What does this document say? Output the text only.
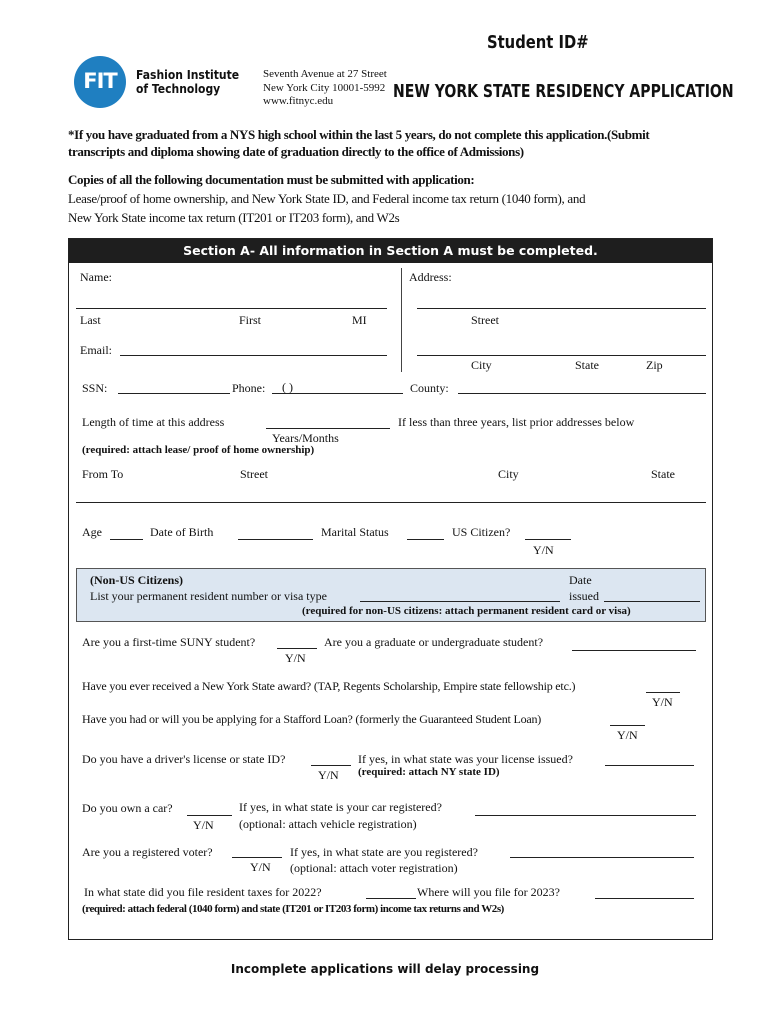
Student ID#
FIT	Fashion Institute
of Technology
Seventh Avenue at 27 Street
New York City 10001-5992
www.fitnyc.edu	NEW YORK STATE RESIDENCY APPLICATION
*If you have graduated from a NYS high school within the last 5 years, do not complete this application.(Submit
transcripts and diploma showing date of graduation directly to the office of Admissions)
Copies of all the following documentation must be submitted with application:
Lease/proof of home ownership, and New York State ID, and Federal income tax return (1040 form), and
New York State income tax return (IT201 or IT203 form), and W2s
Section A- All information in Section A must be completed.
Name:	Address:
Last	First	MI	Street
Email:
City	State	Zip
SSN:	Phone: ( )	County:
Length of time at this address	If less than three years, list prior addresses below
Years/Months
(required: attach lease/ proof of home ownership)
From To	Street	City	State
Age	Date of Birth	Marital Status	US Citizen?
Y/N
(Non-US Citizens)
List your permanent resident number or visa type
Date
issued
(required for non-US citizens: attach permanent resident card or visa)
Are you a first-time SUNY student?
Y/N
Are you a graduate or undergraduate student?
Have you ever received a New York State award? (TAP, Regents Scholarship, Empire state fellowship etc.)
Y/N
Have you had or will you be applying for a Stafford Loan? (formerly the Guaranteed Student Loan)
Y/N
Do you have a driver's license or state ID?
Y/N
If yes, in what state was your license issued?
(required: attach NY state ID)
Do you own a car?
Y/N
If yes, in what state is your car registered?
(optional: attach vehicle registration)
Are you a registered voter?
Y/N
If yes, in what state are you registered?
(optional: attach voter registration)
In what state did you file resident taxes for 2022?	Where will you file for 2023?
(required: attach federal (1040 form) and state (IT201 or IT203 form) income tax returns and W2s)
Incomplete applications will delay processing
